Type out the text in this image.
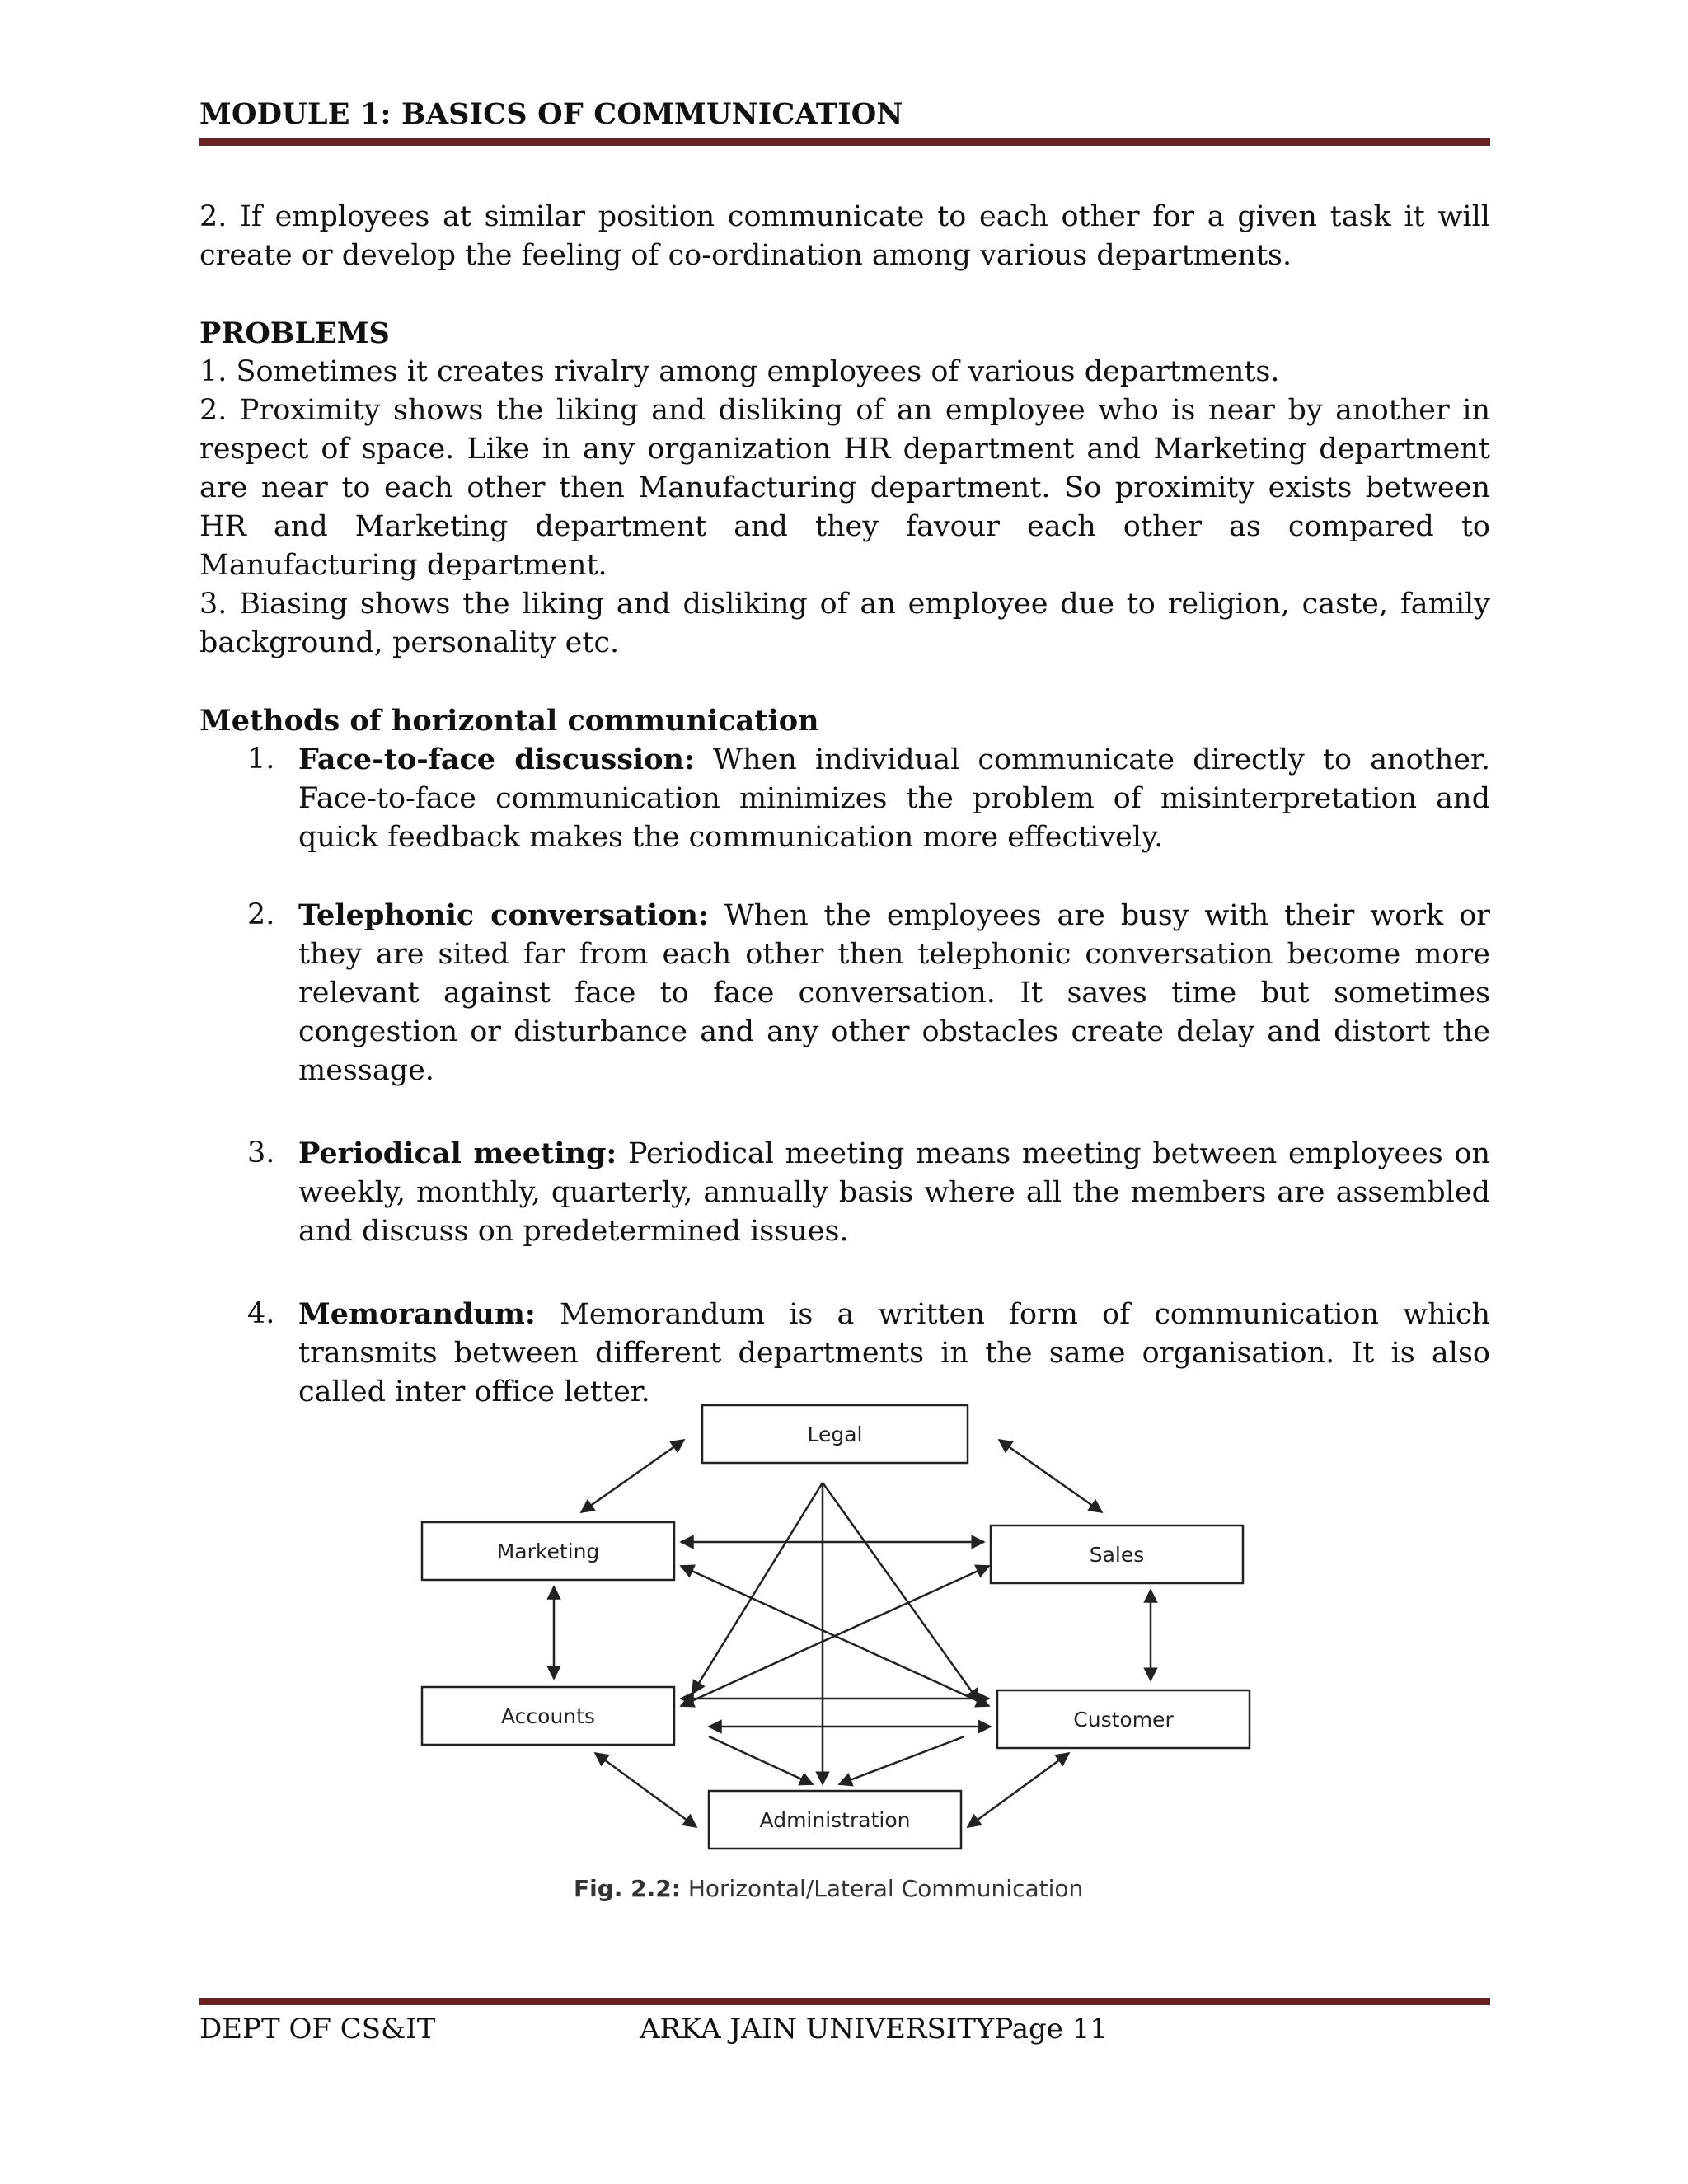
MODULE 1: BASICS OF COMMUNICATION

2. If employees at similar position communicate to each other for a given task it will create or develop the feeling of co-ordination among various departments.

PROBLEMS

1. Sometimes it creates rivalry among employees of various departments.

2. Proximity shows the liking and disliking of an employee who is near by another in respect of space. Like in any organization HR department and Marketing department are near to each other then Manufacturing department. So proximity exists between HR and Marketing department and they favour each other as compared to Manufacturing department.

3. Biasing shows the liking and disliking of an employee due to religion, caste, family background, personality etc.

Methods of horizontal communication

1. Face-to-face discussion: When individual communicate directly to another. Face-to-face communication minimizes the problem of misinterpretation and quick feedback makes the communication more effectively.
2. Telephonic conversation: When the employees are busy with their work or they are sited far from each other then telephonic conversation become more relevant against face to face conversation. It saves time but sometimes congestion or disturbance and any other obstacles create delay and distort the message.
3. Periodical meeting: Periodical meeting means meeting between employees on weekly, monthly, quarterly, annually basis where all the members are assembled and discuss on predetermined issues.
4. Memorandum: Memorandum is a written form of communication which transmits between different departments in the same organisation. It is also called inter office letter.
DEPT OF CS&IT	ARKA JAIN UNIVERSITYPage 11
Legal
Marketing	Sales
Accounts	Customer
Administration
Fig. 2.2: Horizontal/Lateral Communication
